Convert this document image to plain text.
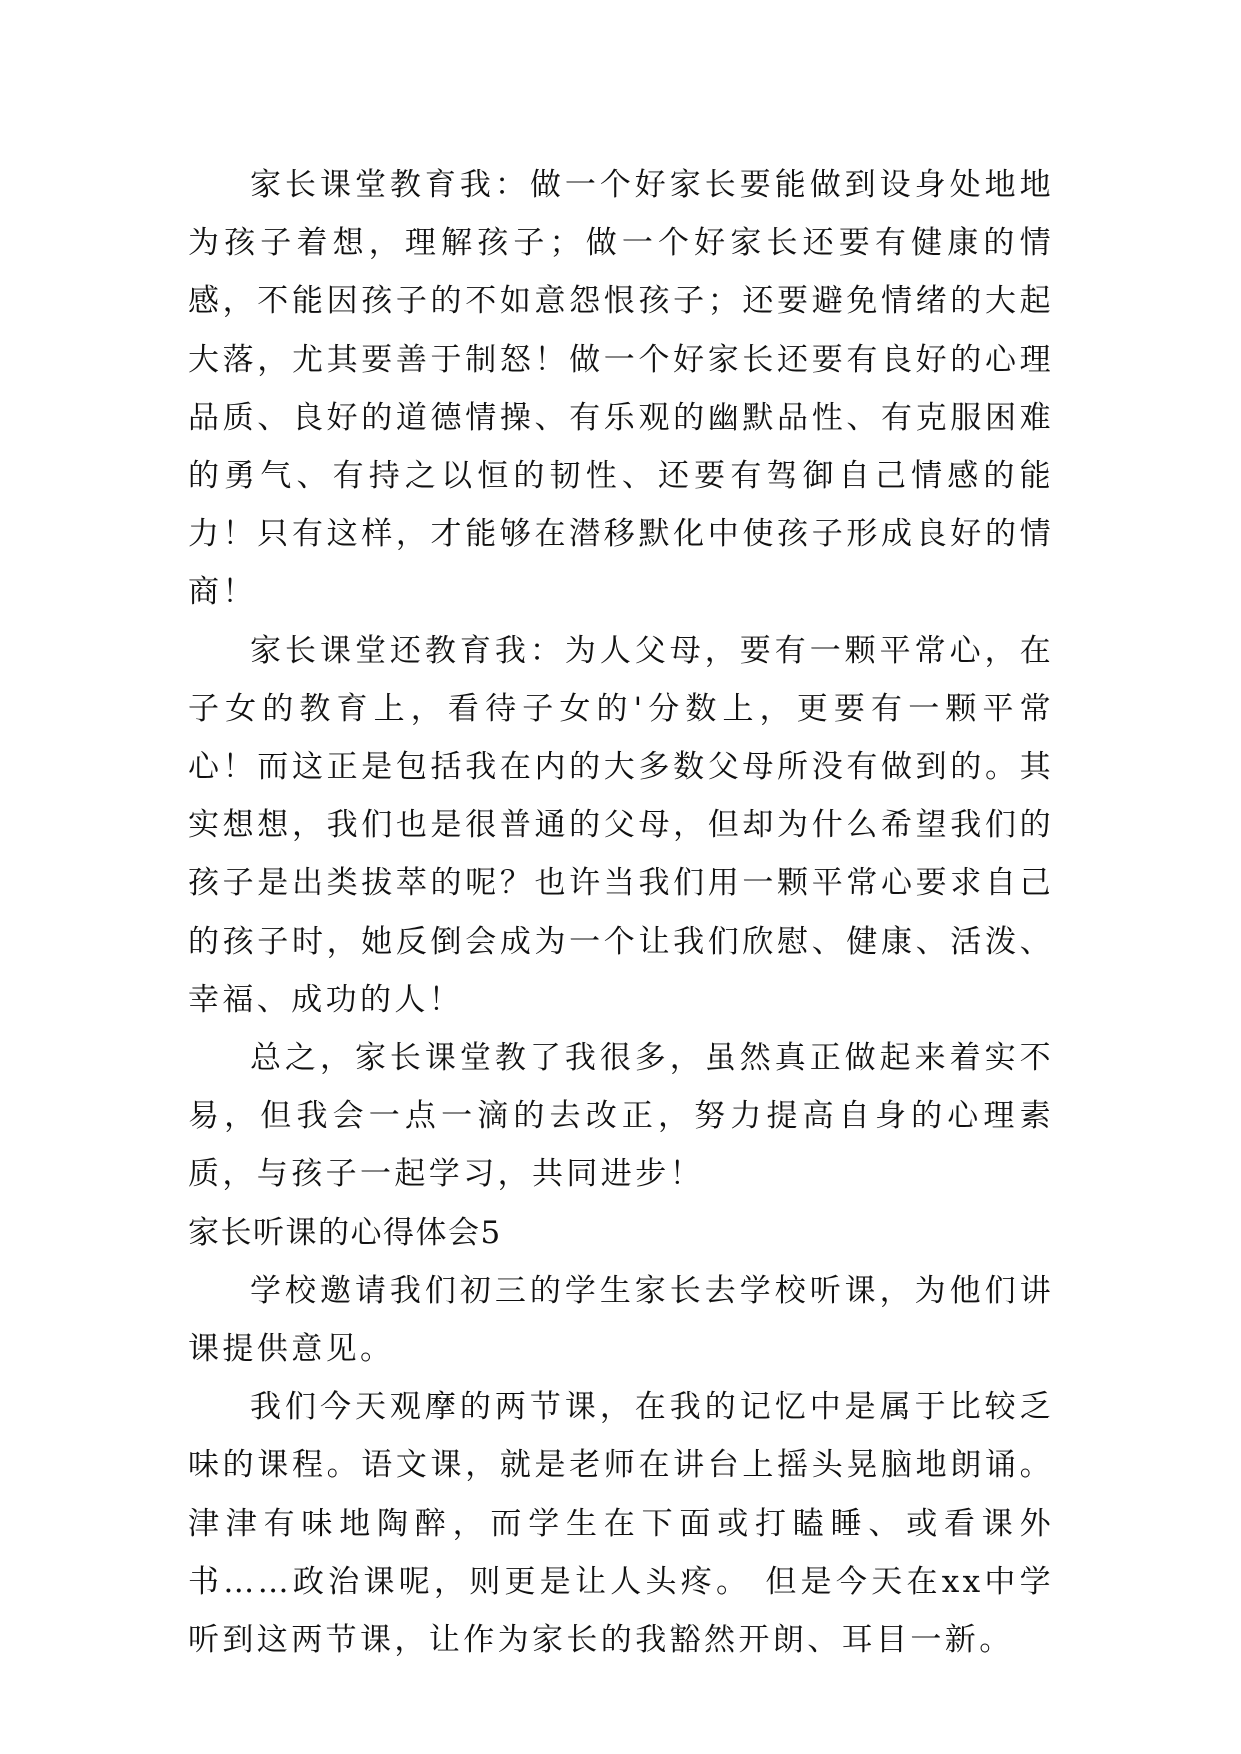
家长课堂教育我：做一个好家长要能做到设身处地地为孩子着想，理解孩子；做一个好家长还要有健康的情感，不能因孩子的不如意怨恨孩子；还要避免情绪的大起大落，尤其要善于制怒！做一个好家长还要有良好的心理品质、良好的道德情操、有乐观的幽默品性、有克服困难的勇气、有持之以恒的韧性、还要有驾御自己情感的能力！只有这样，才能够在潜移默化中使孩子形成良好的情商！

家长课堂还教育我：为人父母，要有一颗平常心，在子女的教育上，看待子女的'分数上，更要有一颗平常心！而这正是包括我在内的大多数父母所没有做到的。其实想想，我们也是很普通的父母，但却为什么希望我们的孩子是出类拔萃的呢？也许当我们用一颗平常心要求自己的孩子时，她反倒会成为一个让我们欣慰、健康、活泼、幸福、成功的人！

总之，家长课堂教了我很多，虽然真正做起来着实不易，但我会一点一滴的去改正，努力提高自身的心理素质，与孩子一起学习，共同进步！

家长听课的心得体会5

学校邀请我们初三的学生家长去学校听课，为他们讲课提供意见。

我们今天观摩的两节课，在我的记忆中是属于比较乏味的课程。语文课，就是老师在讲台上摇头晃脑地朗诵。津津有味地陶醉，而学生在下面或打瞌睡、或看课外书……政治课呢，则更是让人头疼。 但是今天在xx中学听到这两节课，让作为家长的我豁然开朗、耳目一新。
